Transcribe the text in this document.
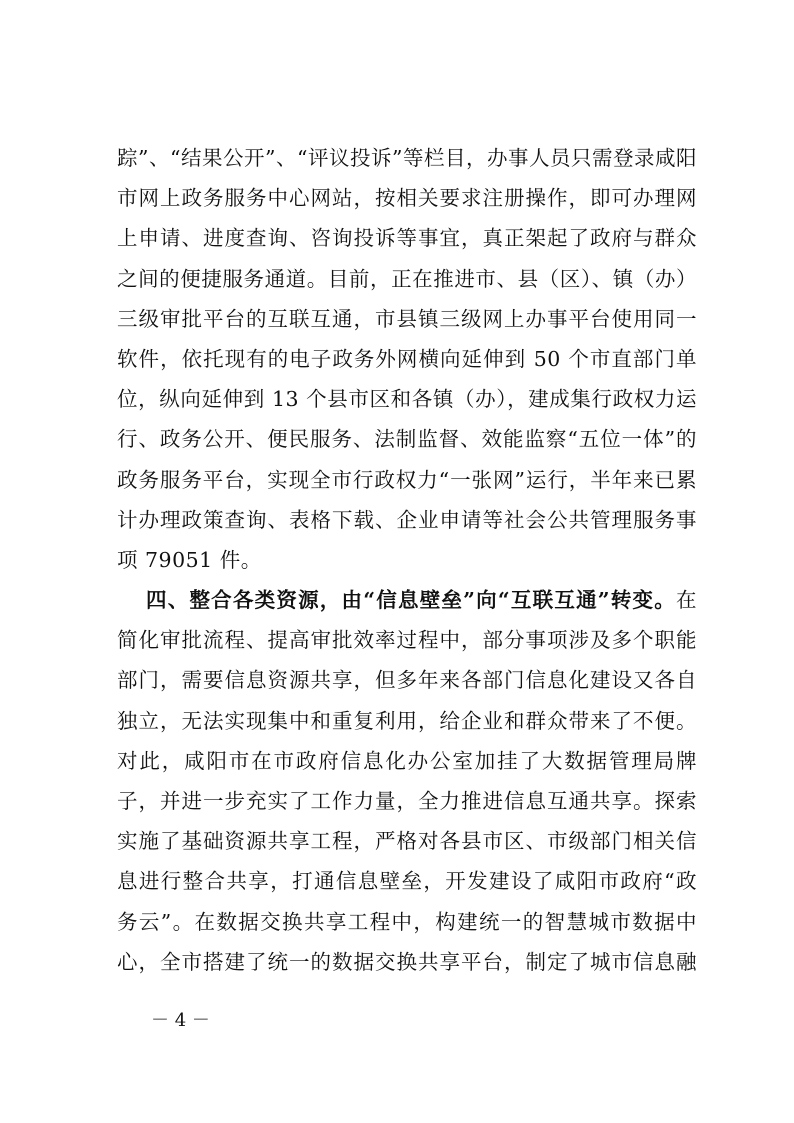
踪”、“结果公开”、“评议投诉”等栏目，办事人员只需登录咸阳
市网上政务服务中心网站，按相关要求注册操作，即可办理网
上申请、进度查询、咨询投诉等事宜，真正架起了政府与群众
之间的便捷服务通道。目前，正在推进市、县（区）、镇（办）
三级审批平台的互联互通，市县镇三级网上办事平台使用同一
软件，依托现有的电子政务外网横向延伸到 50 个市直部门单
位，纵向延伸到 13 个县市区和各镇（办），建成集行政权力运
行、政务公开、便民服务、法制监督、效能监察“五位一体”的
政务服务平台，实现全市行政权力“一张网”运行，半年来已累
计办理政策查询、表格下载、企业申请等社会公共管理服务事
项 79051 件。
四、整合各类资源，由“信息壁垒”向“互联互通”转变。在
简化审批流程、提高审批效率过程中，部分事项涉及多个职能
部门，需要信息资源共享，但多年来各部门信息化建设又各自
独立，无法实现集中和重复利用，给企业和群众带来了不便。
对此，咸阳市在市政府信息化办公室加挂了大数据管理局牌
子，并进一步充实了工作力量，全力推进信息互通共享。探索
实施了基础资源共享工程，严格对各县市区、市级部门相关信
息进行整合共享，打通信息壁垒，开发建设了咸阳市政府“政
务云”。在数据交换共享工程中，构建统一的智慧城市数据中
心，全市搭建了统一的数据交换共享平台，制定了城市信息融
－ 4 －
